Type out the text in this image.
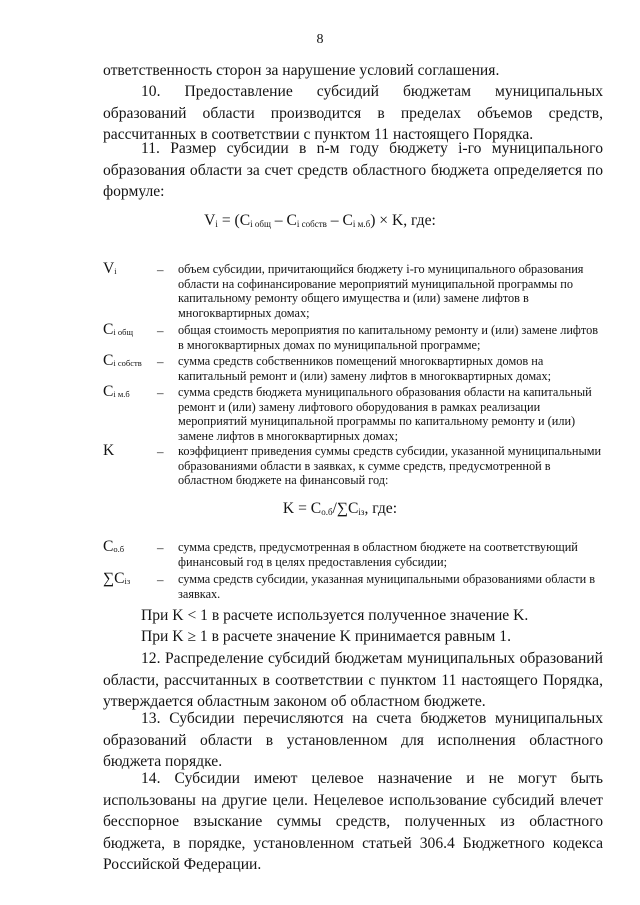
8

ответственность сторон за нарушение условий соглашения.

10. Предоставление субсидий бюджетам муниципальных образований области производится в пределах объемов средств, рассчитанных в соответствии с пунктом 11 настоящего Порядка.

11. Размер субсидии в n-м году бюджету i-го муниципального образования области за счет средств областного бюджета определяется по формуле:

$V_i = (C_{i общ} - C_{i собств} - C_{i м.б}) \times K$, где:
$V_i$	– объем субсидии, причитающийся бюджету i-го муниципального образования области на софинансирование мероприятий муниципальной программы по капитальному ремонту общего имущества и (или) замене лифтов в многоквартирных домах;

$C_{i общ}$ – общая стоимость мероприятия по капитальному ремонту и (или) замене лифтов в многоквартирных домах по муниципальной программе;

$C_{i собств}$ – сумма средств собственников помещений многоквартирных домов на капитальный ремонт и (или) замену лифтов в многоквартирных домах;

$C_{i м.б}$ – сумма средств бюджета муниципального образования области на капитальный ремонт и (или) замену лифтового оборудования в рамках реализации мероприятий муниципальной программы по капитальному ремонту и (или) замене лифтов в многоквартирных домах;

K	– коэффициент приведения суммы средств субсидии, указанной муниципальными образованиями области в заявках, к сумме средств, предусмотренной в областном бюджете на финансовый год:

$K = C_{о.б}/\sum C_{із}$, где:
$C_{о.б}$	– сумма средств, предусмотренная в областном бюджете на соответствующий финансовый год в целях предоставления субсидии;

$\sum C_{із}$ – сумма средств субсидии, указанная муниципальными образованиями области в заявках.

При K < 1 в расчете используется полученное значение K.
При K ≥ 1 в расчете значение K принимается равным 1.

12. Распределение субсидий бюджетам муниципальных образований области, рассчитанных в соответствии с пунктом 11 настоящего Порядка, утверждается областным законом об областном бюджете.

13. Субсидии перечисляются на счета бюджетов муниципальных образований области в установленном для исполнения областного бюджета порядке.

14. Субсидии имеют целевое назначение и не могут быть использованы на другие цели. Нецелевое использование субсидий влечет бесспорное взыскание суммы средств, полученных из областного бюджета, в порядке, установленном статьей 306.4 Бюджетного кодекса Российской Федерации.
